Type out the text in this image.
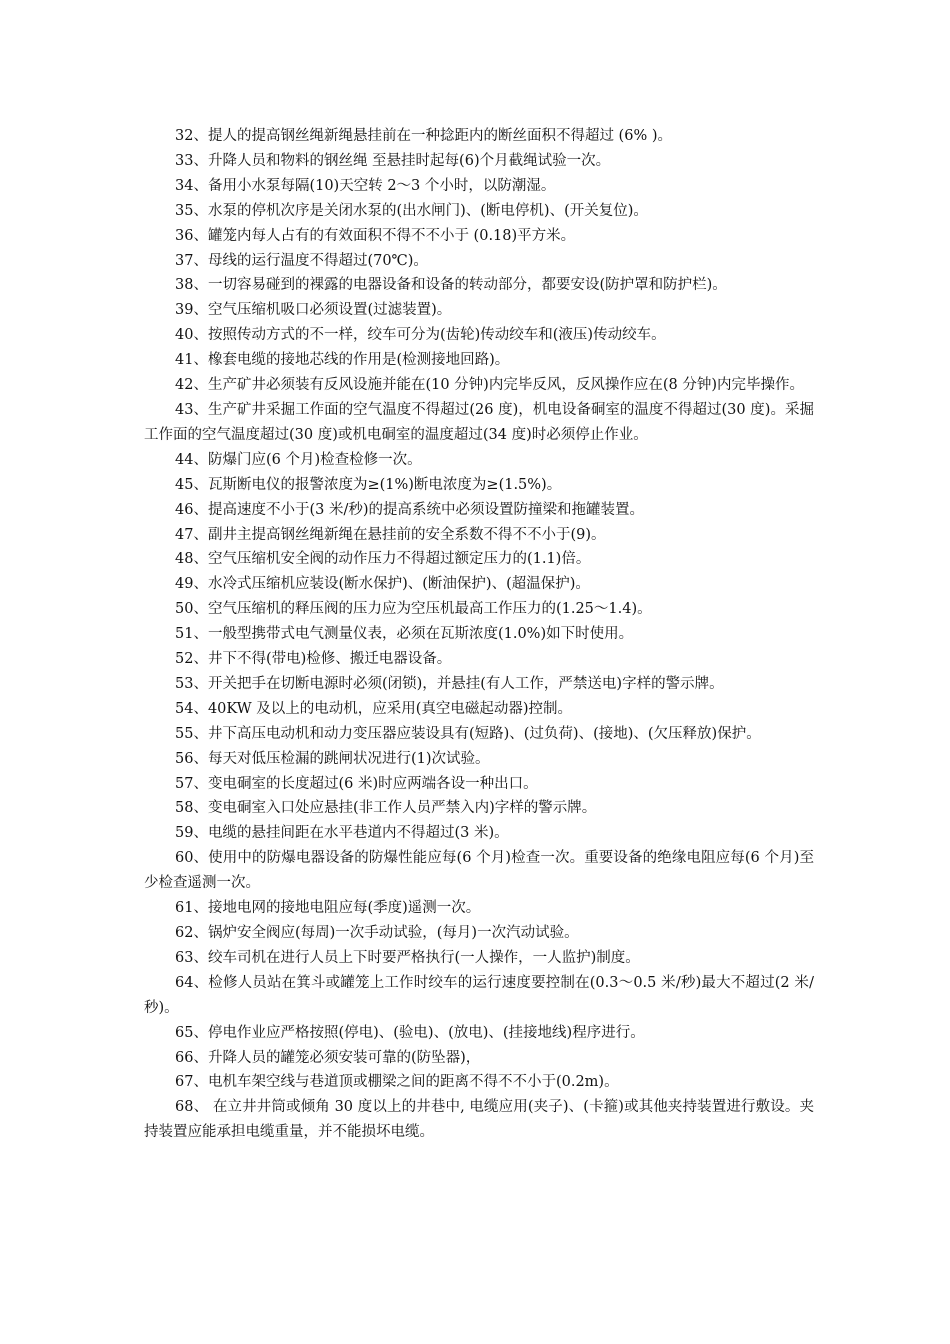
32、提人的提高钢丝绳新绳悬挂前在一种捻距内的断丝面积不得超过 (6% )。

33、升降人员和物料的钢丝绳 至悬挂时起每(6)个月截绳试验一次。

34、备用小水泵每隔(10)天空转 2～3 个小时，以防潮湿。

35、水泵的停机次序是关闭水泵的(出水闸门)、(断电停机)、(开关复位)。

36、罐笼内每人占有的有效面积不得不不小于 (0.18)平方米。

37、母线的运行温度不得超过(70℃)。

38、一切容易碰到的裸露的电器设备和设备的转动部分，都要安设(防护罩和防护栏)。

39、空气压缩机吸口必须设置(过滤装置)。

40、按照传动方式的不一样，绞车可分为(齿轮)传动绞车和(液压)传动绞车。

41、橡套电缆的接地芯线的作用是(检测接地回路)。

42、生产矿井必须装有反风设施并能在(10 分钟)内完毕反风，反风操作应在(8 分钟)内完毕操作。

43、生产矿井采掘工作面的空气温度不得超过(26 度)，机电设备硐室的温度不得超过(30 度)。采掘工作面的空气温度超过(30 度)或机电硐室的温度超过(34 度)时必须停止作业。

44、防爆门应(6 个月)检查检修一次。

45、瓦斯断电仪的报警浓度为≥(1%)断电浓度为≥(1.5%)。

46、提高速度不小于(3 米/秒)的提高系统中必须设置防撞梁和拖罐装置。

47、副井主提高钢丝绳新绳在悬挂前的安全系数不得不不小于(9)。

48、空气压缩机安全阀的动作压力不得超过额定压力的(1.1)倍。

49、水冷式压缩机应装设(断水保护)、(断油保护)、(超温保护)。

50、空气压缩机的释压阀的压力应为空压机最高工作压力的(1.25～1.4)。

51、一般型携带式电气测量仪表，必须在瓦斯浓度(1.0%)如下时使用。

52、井下不得(带电)检修、搬迁电器设备。

53、开关把手在切断电源时必须(闭锁)，并悬挂(有人工作，严禁送电)字样的警示牌。

54、40KW 及以上的电动机，应采用(真空电磁起动器)控制。

55、井下高压电动机和动力变压器应装设具有(短路)、(过负荷)、(接地)、(欠压释放)保护。

56、每天对低压检漏的跳闸状况进行(1)次试验。

57、变电硐室的长度超过(6 米)时应两端各设一种出口。

58、变电硐室入口处应悬挂(非工作人员严禁入内)字样的警示牌。

59、电缆的悬挂间距在水平巷道内不得超过(3 米)。

60、使用中的防爆电器设备的防爆性能应每(6 个月)检查一次。重要设备的绝缘电阻应每(6 个月)至少检查遥测一次。

61、接地电网的接地电阻应每(季度)遥测一次。

62、锅炉安全阀应(每周)一次手动试验，(每月)一次汽动试验。

63、绞车司机在进行人员上下时要严格执行(一人操作，一人监护)制度。

64、检修人员站在箕斗或罐笼上工作时绞车的运行速度要控制在(0.3～0.5 米/秒)最大不超过(2 米/秒)。

65、停电作业应严格按照(停电)、(验电)、(放电)、(挂接地线)程序进行。

66、升降人员的罐笼必须安装可靠的(防坠器)，

67、电机车架空线与巷道顶或棚梁之间的距离不得不不小于(0.2m)。

68、 在立井井筒或倾角 30 度以上的井巷中, 电缆应用(夹子)、(卡箍)或其他夹持装置进行敷设。夹持装置应能承担电缆重量，并不能损坏电缆。
